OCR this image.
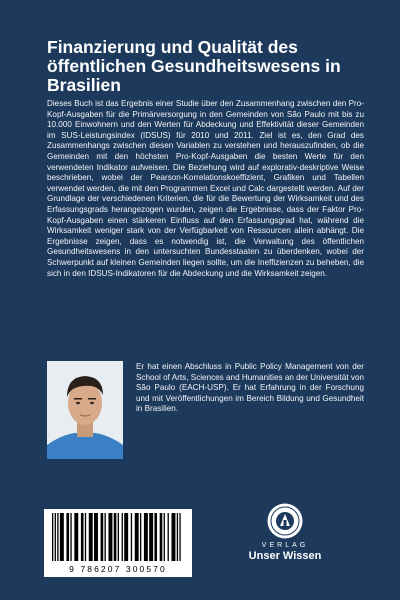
Finanzierung und Qualität des öffentlichen Gesundheitswesens in Brasilien

Dieses Buch ist das Ergebnis einer Studie über den Zusammenhang zwischen den Pro-Kopf-Ausgaben für die Primärversorgung in den Gemeinden von São Paulo mit bis zu 10.000 Einwohnern und den Werten für Abdeckung und Effektivität dieser Gemeinden im SUS-Leistungsindex (IDSUS) für 2010 und 2011. Ziel ist es, den Grad des Zusammenhangs zwischen diesen Variablen zu verstehen und herauszufinden, ob die Gemeinden mit den höchsten Pro-Kopf-Ausgaben die besten Werte für den verwendeten Indikator aufweisen. Die Beziehung wird auf explorativ-deskriptive Weise beschrieben, wobei der Pearson-Korrelationskoeffizient, Grafiken und Tabellen verwendet werden, die mit den Programmen Excel und Calc dargestellt werden. Auf der Grundlage der verschiedenen Kriterien, die für die Bewertung der Wirksamkeit und des Erfassungsgrads herangezogen wurden, zeigen die Ergebnisse, dass der Faktor Pro-Kopf-Ausgaben einen stärkeren Einfluss auf den Erfassungsgrad hat, während die Wirksamkeit weniger stark von der Verfügbarkeit von Ressourcen allein abhängt. Die Ergebnisse zeigen, dass es notwendig ist, die Verwaltung des öffentlichen Gesundheitswesens in den untersuchten Bundesstaaten zu überdenken, wobei der Schwerpunkt auf kleinen Gemeinden liegen sollte, um die Ineffizienzen zu beheben, die sich in den IDSUS-Indikatoren für die Abdeckung und die Wirksamkeit zeigen.

Er hat einen Abschluss in Public Policy Management von der School of Arts, Sciences and Humanities an der Universität von São Paulo (EACH-USP). Er hat Erfahrung in der Forschung und mit Veröffentlichungen im Bereich Bildung und Gesundheit in Brasilien.

9 786207 300570
VERLAG
Unser Wissen
